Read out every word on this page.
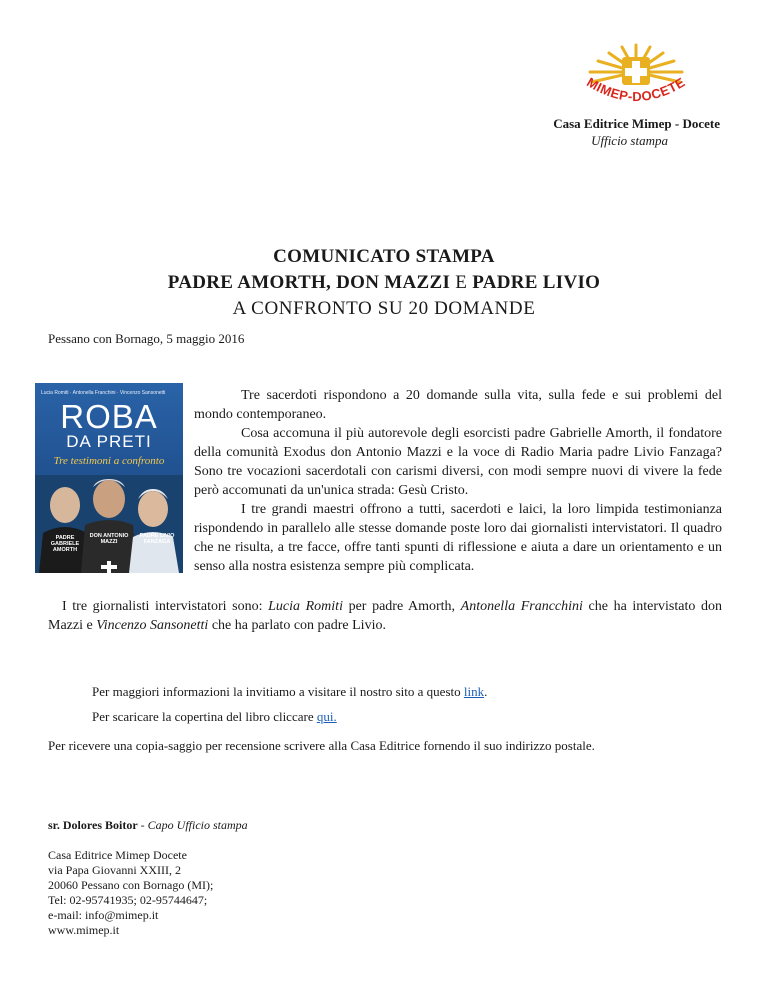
MIMEP-DOCETE
Casa Editrice Mimep - Docete
Ufficio stampa
COMUNICATO STAMPA
PADRE AMORTH, DON MAZZI E PADRE LIVIO
A CONFRONTO SU 20 DOMANDE
Pessano con Bornago, 5 maggio 2016
Lucia Romiti · Antonella Franchini · Vincenzo Sansonetti
ROBA
DA PRETI
Tre testimoni a confronto
PADRE GABRIELE AMORTH
DON ANTONIO MAZZI
PADRE LIVIO FANZAGA

Tre sacerdoti rispondono a 20 domande sulla vita, sulla fede e sui problemi del mondo contemporaneo.

Cosa accomuna il più autorevole degli esorcisti padre Gabrielle Amorth, il fondatore della comunità Exodus don Antonio Mazzi e la voce di Radio Maria padre Livio Fanzaga? Sono tre vocazioni sacerdotali con carismi diversi, con modi sempre nuovi di vivere la fede però accomunati da un'unica strada: Gesù Cristo.

I tre grandi maestri offrono a tutti, sacerdoti e laici, la loro limpida testimonianza rispondendo in parallelo alle stesse domande poste loro dai giornalisti intervistatori. Il quadro che ne risulta, a tre facce, offre tanti spunti di riflessione e aiuta a dare un orientamento e un senso alla nostra esistenza sempre più complicata.

I tre giornalisti intervistatori sono: Lucia Romiti per padre Amorth, Antonella Francchini che ha intervistato don Mazzi e Vincenzo Sansonetti che ha parlato con padre Livio.

Per maggiori informazioni la invitiamo a visitare il nostro sito a questo link.
Per scaricare la copertina del libro cliccare qui.
Per ricevere una copia-saggio per recensione scrivere alla Casa Editrice fornendo il suo indirizzo postale.
sr. Dolores Boitor - Capo Ufficio stampa
Casa Editrice Mimep Docete
via Papa Giovanni XXIII, 2
20060 Pessano con Bornago (MI);
Tel: 02-95741935; 02-95744647;
e-mail: info@mimep.it
www.mimep.it
